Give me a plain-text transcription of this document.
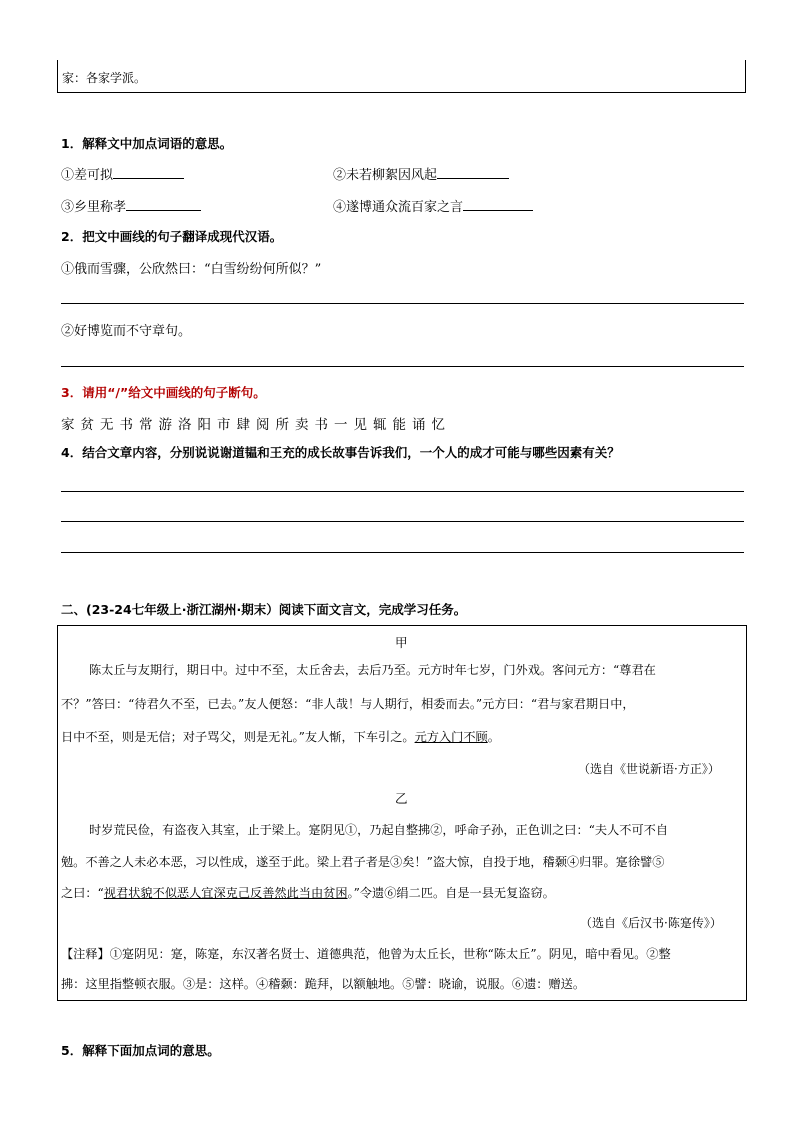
家：各家学派。
1．解释文中加点词语的意思。
①差可拟	②未若柳絮因风起
③乡里称孝	④遂博通众流百家之言
2．把文中画线的句子翻译成现代汉语。
①俄而雪骤，公欣然曰：“白雪纷纷何所似？”
②好博览而不守章句。
3．请用“/”给文中画线的句子断句。
家贫无书常游洛阳市肆阅所卖书一见辄能诵忆
4．结合文章内容，分别说说谢道韫和王充的成长故事告诉我们，一个人的成才可能与哪些因素有关？
二、(23-24七年级上·浙江湖州·期末）阅读下面文言文，完成学习任务。
甲
陈太丘与友期行，期日中。过中不至，太丘舍去，去后乃至。元方时年七岁，门外戏。客问元方：“尊君在
不？”答曰：“待君久不至，已去。”友人便怒：“非人哉！与人期行，相委而去。”元方曰：“君与家君期日中，
日中不至，则是无信；对子骂父，则是无礼。”友人惭，下车引之。元方入门不顾。
（选自《世说新语·方正》）
乙
时岁荒民俭，有盗夜入其室，止于梁上。寔阴见①，乃起自整拂②，呼命子孙，正色训之曰：“夫人不可不自
勉。不善之人未必本恶，习以性成，遂至于此。梁上君子者是③矣！”盗大惊，自投于地，稽颡④归罪。寔徐譬⑤
之曰：“视君状貌不似恶人宜深克己反善然此当由贫困。”令遗⑥绢二匹。自是一县无复盗窃。
（选自《后汉书·陈寔传》）
【注释】①寔阴见：寔，陈寔，东汉著名贤士、道德典范，他曾为太丘长，世称“陈太丘”。阴见，暗中看见。②整
拂：这里指整顿衣服。③是：这样。④稽颡：跪拜，以额触地。⑤譬：晓谕，说服。⑥遗：赠送。
5．解释下面加点词的意思。
